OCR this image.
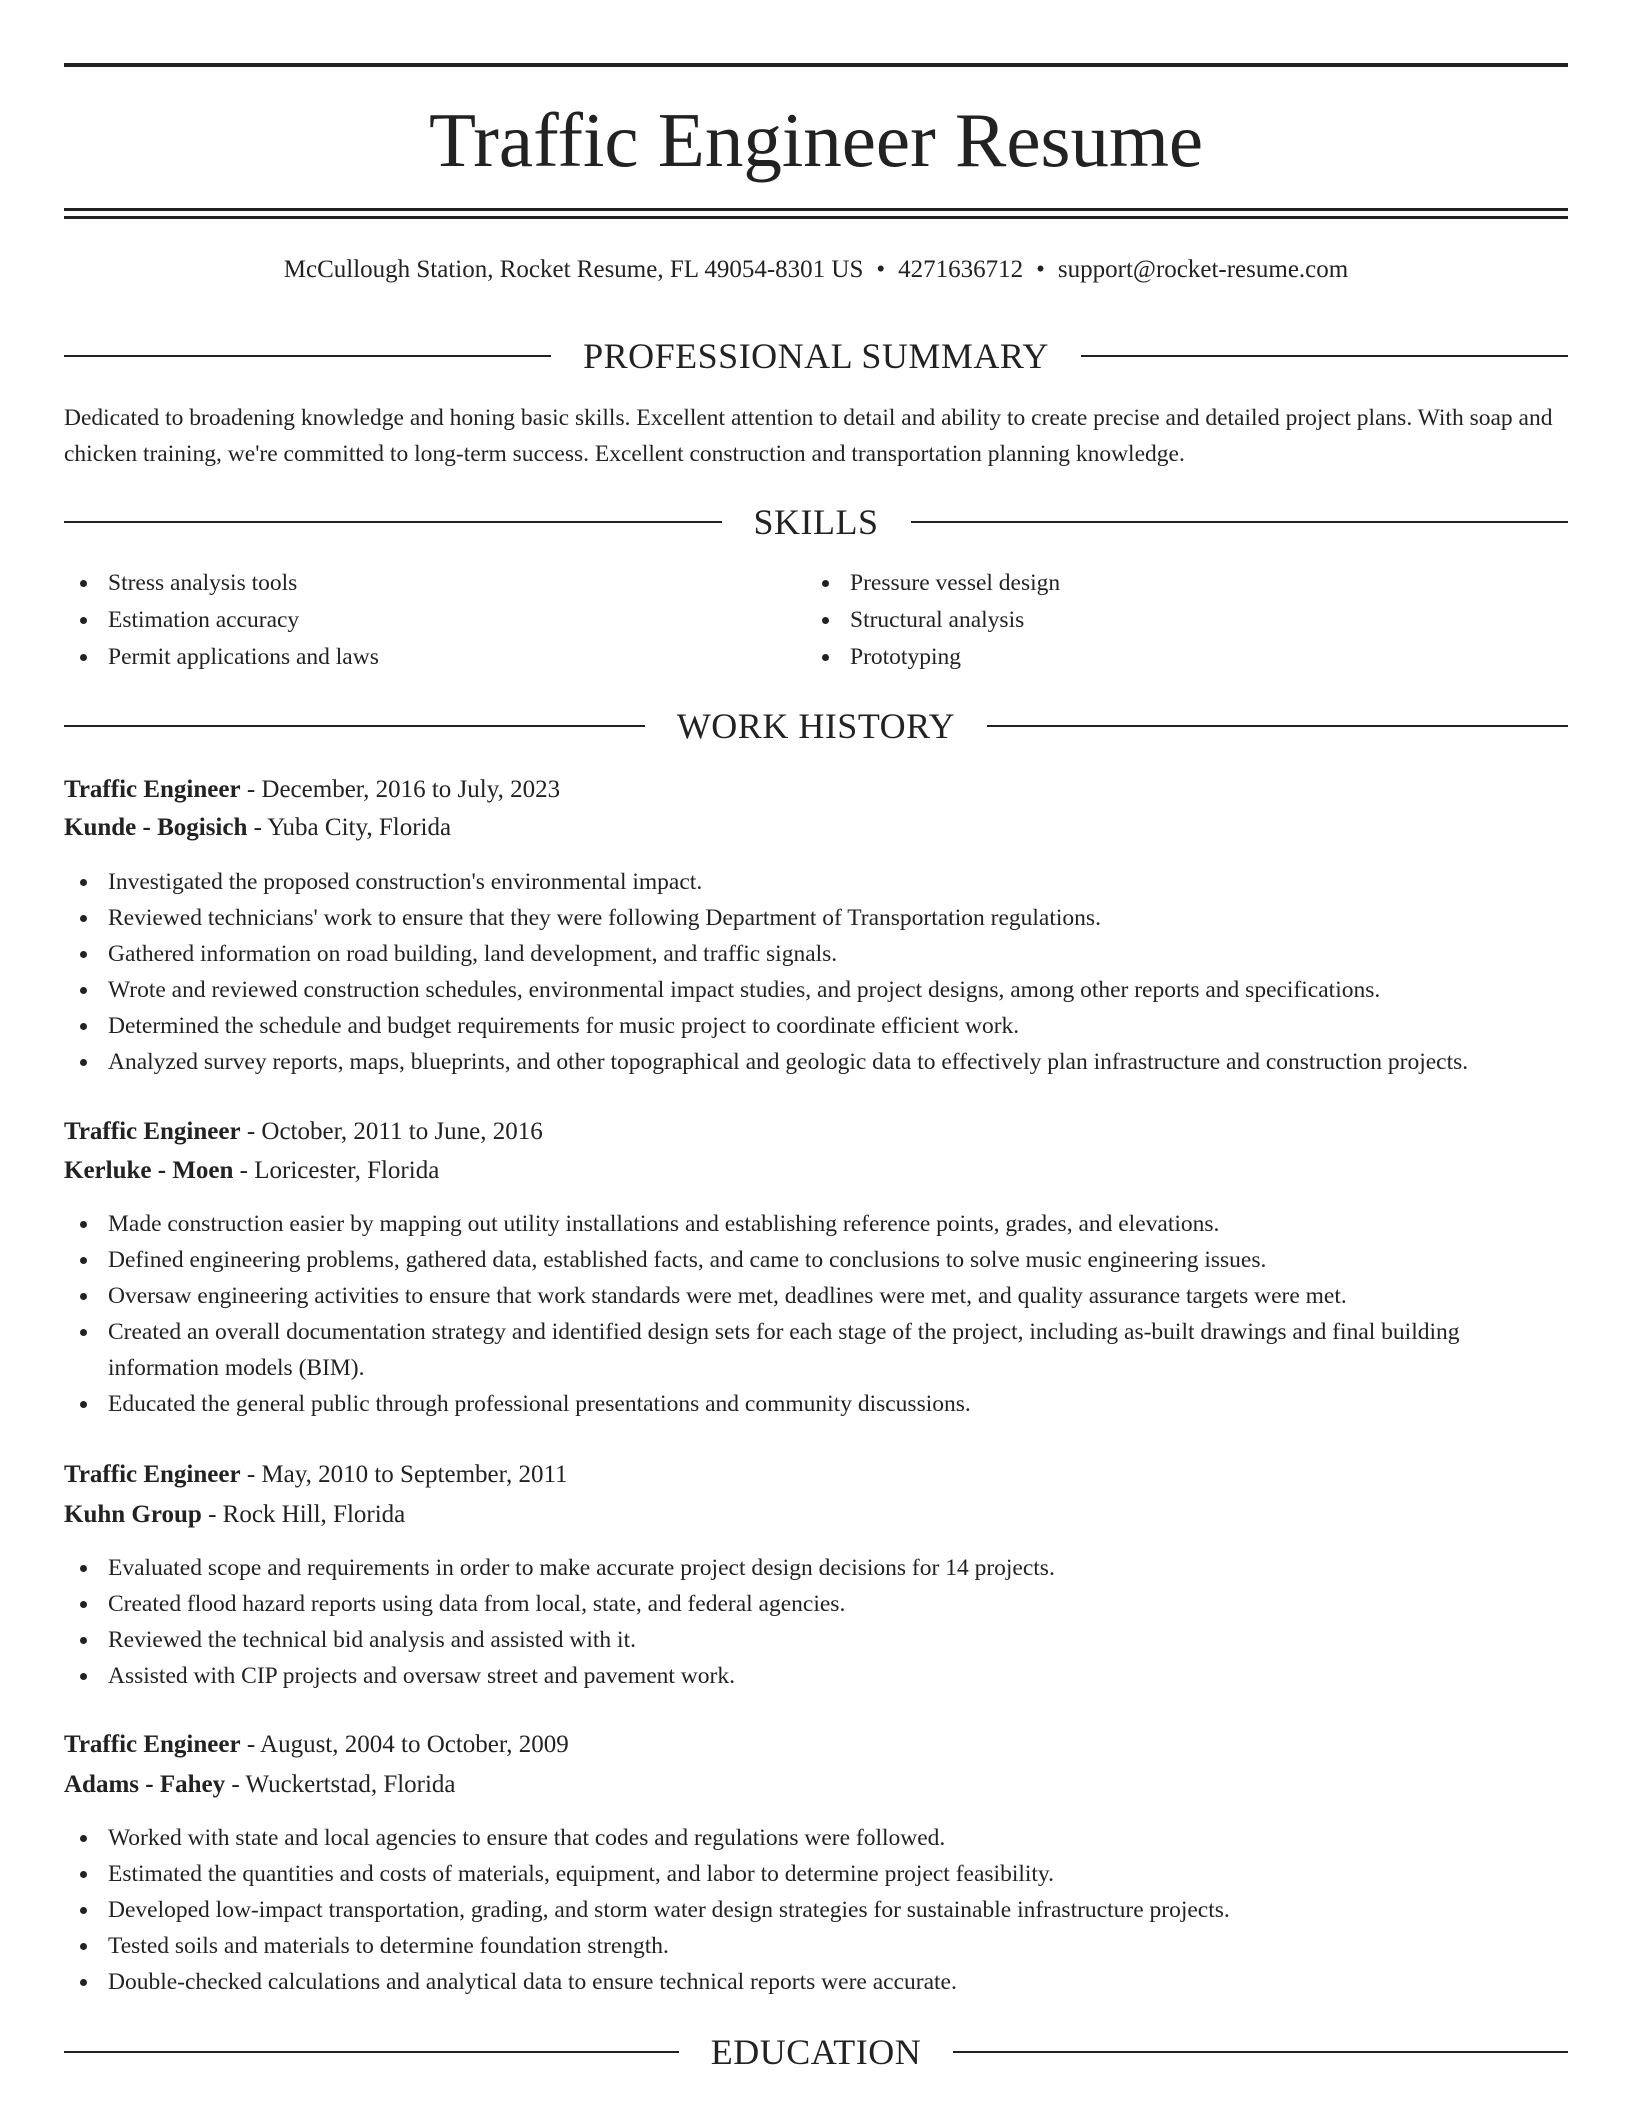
Traffic Engineer Resume
McCullough Station, Rocket Resume, FL 49054-8301 US • 4271636712 • support@rocket-resume.com
PROFESSIONAL SUMMARY

Dedicated to broadening knowledge and honing basic skills. Excellent attention to detail and ability to create precise and detailed project plans. With soap and chicken training, we're committed to long-term success. Excellent construction and transportation planning knowledge.

SKILLS
Stress analysis tools
Estimation accuracy
Permit applications and laws
Pressure vessel design
Structural analysis
Prototyping
WORK HISTORY
Traffic Engineer - December, 2016 to July, 2023
Kunde - Bogisich - Yuba City, Florida
Investigated the proposed construction's environmental impact.
Reviewed technicians' work to ensure that they were following Department of Transportation regulations.
Gathered information on road building, land development, and traffic signals.
Wrote and reviewed construction schedules, environmental impact studies, and project designs, among other reports and specifications.
Determined the schedule and budget requirements for music project to coordinate efficient work.
Analyzed survey reports, maps, blueprints, and other topographical and geologic data to effectively plan infrastructure and construction projects.
Traffic Engineer - October, 2011 to June, 2016
Kerluke - Moen - Loricester, Florida
Made construction easier by mapping out utility installations and establishing reference points, grades, and elevations.
Defined engineering problems, gathered data, established facts, and came to conclusions to solve music engineering issues.
Oversaw engineering activities to ensure that work standards were met, deadlines were met, and quality assurance targets were met.
Created an overall documentation strategy and identified design sets for each stage of the project, including as-built drawings and final building information models (BIM).
Educated the general public through professional presentations and community discussions.
Traffic Engineer - May, 2010 to September, 2011
Kuhn Group - Rock Hill, Florida
Evaluated scope and requirements in order to make accurate project design decisions for 14 projects.
Created flood hazard reports using data from local, state, and federal agencies.
Reviewed the technical bid analysis and assisted with it.
Assisted with CIP projects and oversaw street and pavement work.
Traffic Engineer - August, 2004 to October, 2009
Adams - Fahey - Wuckertstad, Florida
Worked with state and local agencies to ensure that codes and regulations were followed.
Estimated the quantities and costs of materials, equipment, and labor to determine project feasibility.
Developed low-impact transportation, grading, and storm water design strategies for sustainable infrastructure projects.
Tested soils and materials to determine foundation strength.
Double-checked calculations and analytical data to ensure technical reports were accurate.
EDUCATION
